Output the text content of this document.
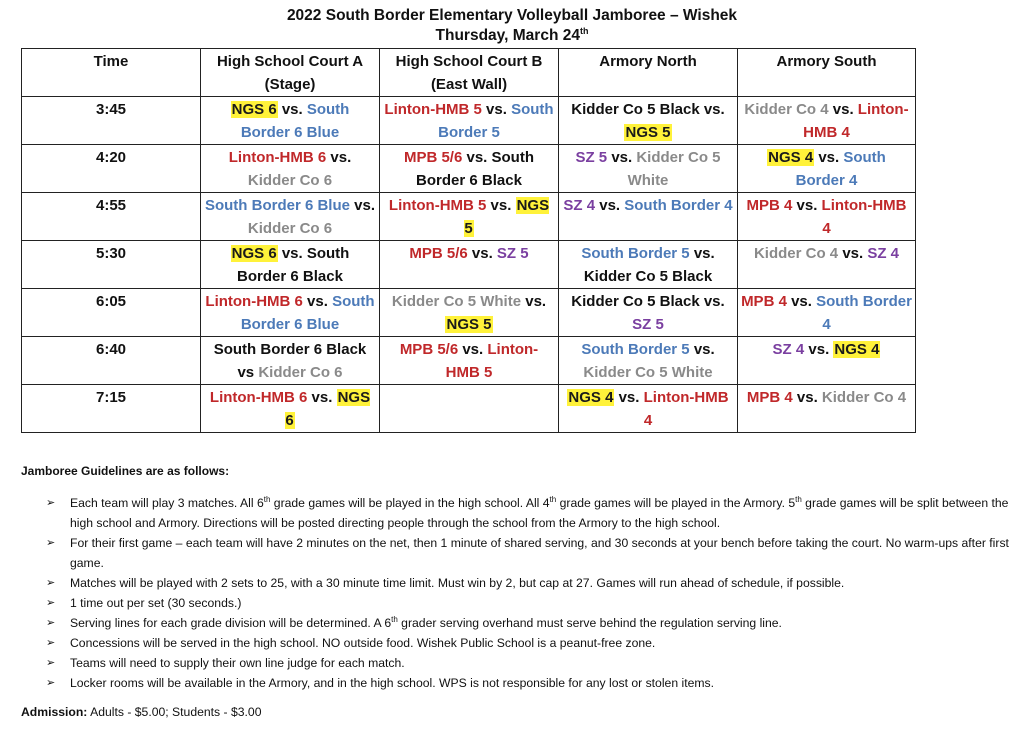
2022 South Border Elementary Volleyball Jamboree – Wishek
Thursday, March 24th
Time	High School Court A (Stage)	High School Court B (East Wall)	Armory North	Armory South
3:45	NGS 6 vs. South Border 6 Blue	Linton-HMB 5 vs. South Border 5	Kidder Co 5 Black vs. NGS 5	Kidder Co 4 vs. Linton-HMB 4
4:20	Linton-HMB 6 vs. Kidder Co 6	MPB 5/6 vs. South Border 6 Black	SZ 5 vs. Kidder Co 5 White	NGS 4 vs. South Border 4
4:55	South Border 6 Blue vs. Kidder Co 6	Linton-HMB 5 vs. NGS 5	SZ 4 vs. South Border 4	MPB 4 vs. Linton-HMB 4
5:30	NGS 6 vs. South Border 6 Black	MPB 5/6 vs. SZ 5	South Border 5 vs. Kidder Co 5 Black	Kidder Co 4 vs. SZ 4
6:05	Linton-HMB 6 vs. South Border 6 Blue	Kidder Co 5 White vs. NGS 5	Kidder Co 5 Black vs. SZ 5	MPB 4 vs. South Border 4
6:40	South Border 6 Black vs Kidder Co 6	MPB 5/6 vs. Linton-HMB 5	South Border 5 vs. Kidder Co 5 White	SZ 4 vs. NGS 4
7:15	Linton-HMB 6 vs. NGS 6		NGS 4 vs. Linton-HMB 4	MPB 4 vs. Kidder Co 4
Jamboree Guidelines are as follows:
➢ Each team will play 3 matches. All 6th grade games will be played in the high school. All 4th grade games will be played in the Armory. 5th grade games will be split between the high school and Armory. Directions will be posted directing people through the school from the Armory to the high school.
➢ For their first game – each team will have 2 minutes on the net, then 1 minute of shared serving, and 30 seconds at your bench before taking the court. No warm-ups after first game.
➢ Matches will be played with 2 sets to 25, with a 30 minute time limit. Must win by 2, but cap at 27. Games will run ahead of schedule, if possible.
➢ 1 time out per set (30 seconds.)
➢ Serving lines for each grade division will be determined. A 6th grader serving overhand must serve behind the regulation serving line.
➢ Concessions will be served in the high school. NO outside food. Wishek Public School is a peanut-free zone.
➢ Teams will need to supply their own line judge for each match.
➢ Locker rooms will be available in the Armory, and in the high school. WPS is not responsible for any lost or stolen items.
Admission: Adults - $5.00; Students - $3.00
